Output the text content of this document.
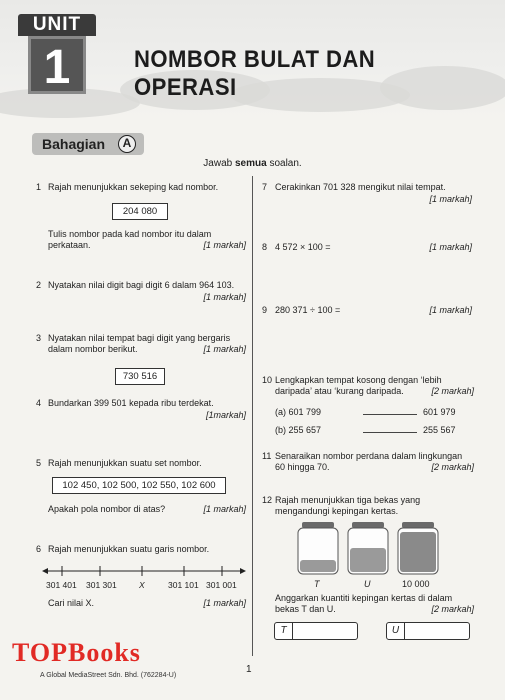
UNIT
1	NOMBOR BULAT DAN OPERASI
Bahagian	A
Jawab semua soalan.
1 Rajah menunjukkan sekeping kad nombor.
204 080
Tulis nombor pada kad nombor itu dalam
perkataan.	[1 markah]
2 Nyatakan nilai digit bagi digit 6 dalam 964 103.
[1 markah]
3 Nyatakan nilai tempat bagi digit yang bergaris
dalam nombor berikut.	[1 markah]
730 516
4 Bundarkan 399 501 kepada ribu terdekat.
[1markah]
5 Rajah menunjukkan suatu set nombor.
102 450, 102 500, 102 550, 102 600
Apakah pola nombor di atas?	[1 markah]
6 Rajah menunjukkan suatu garis nombor.
301 401 301 301	X	301 101 301 001
Cari nilai X.	[1 markah]
7 Cerakinkan 701 328 mengikut nilai tempat.
[1 markah]
8 4 572 × 100 =	[1 markah]
9 280 371 ÷ 100 =	[1 markah]
10 Lengkapkan tempat kosong dengan ‘lebih
daripada’ atau ‘kurang daripada.	[2 markah]
(a) 601 799	601 979
(b) 255 657	255 567
11 Senaraikan nombor perdana dalam lingkungan
60 hingga 70.	[2 markah]
12 Rajah menunjukkan tiga bekas yang
mengandungi kepingan kertas.
T	U	10 000
Anggarkan kuantiti kepingan kertas di dalam
bekas T dan U.	[2 markah]
T	U
TOPBooks
A Global MediaStreet Sdn. Bhd. (762284-U)
1
